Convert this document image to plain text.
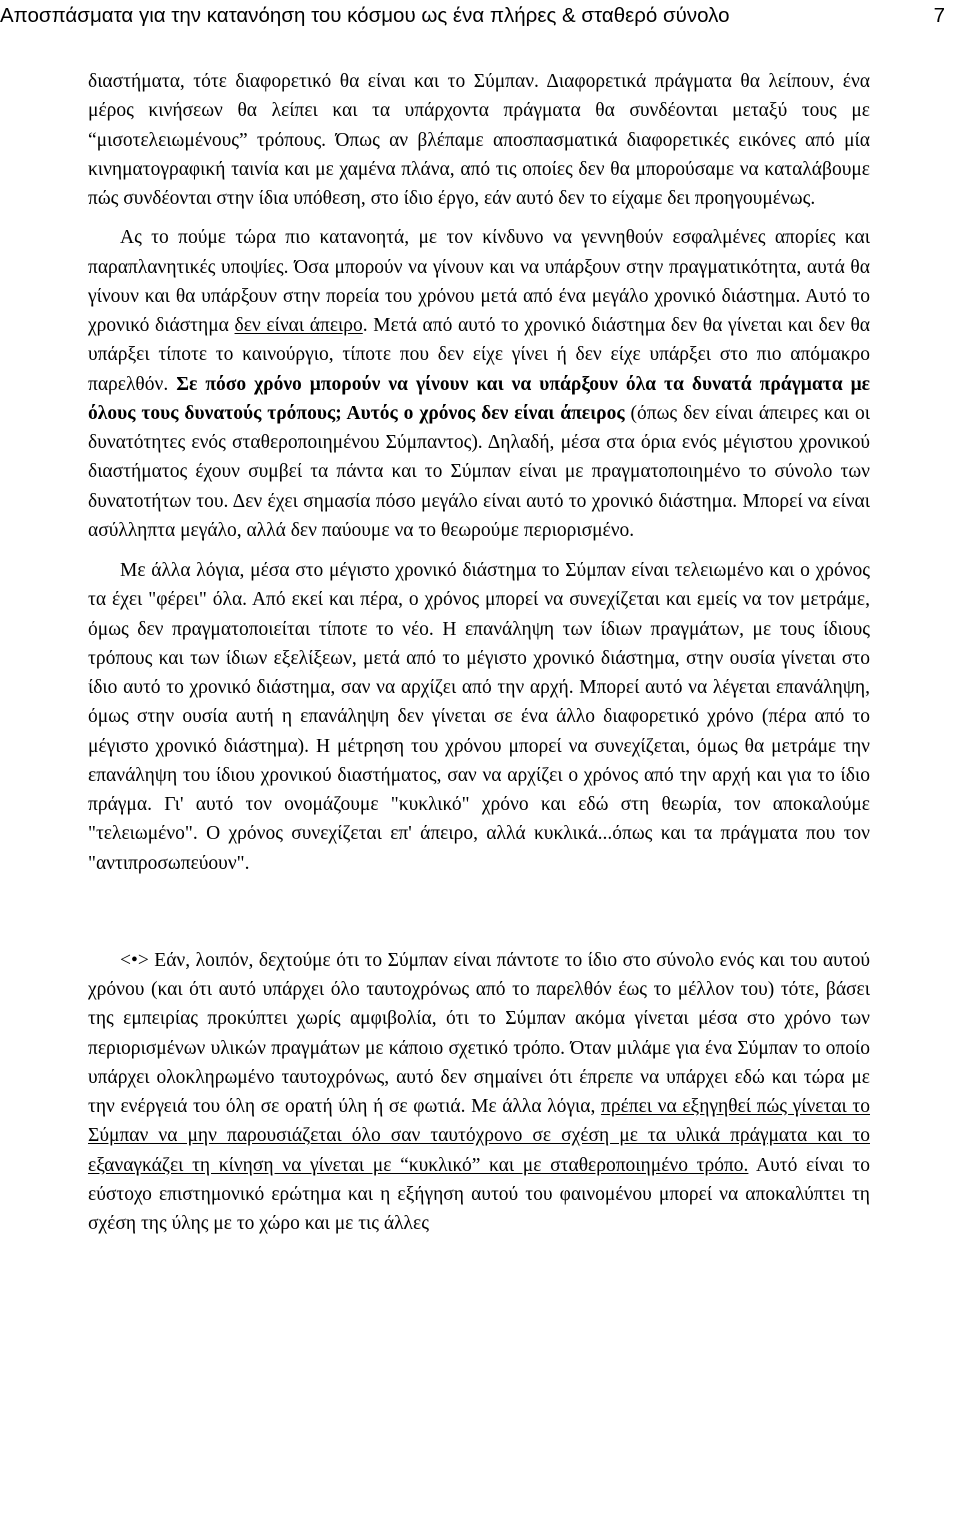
Αποσπάσματα για την κατανόηση του κόσμου ως ένα πλήρες & σταθερό σύνολο	7

διαστήματα, τότε διαφορετικό θα είναι και το Σύμπαν. Διαφορετικά πράγματα θα λείπουν, ένα μέρος κινήσεων θα λείπει και τα υπάρχοντα πράγματα θα συνδέονται μεταξύ τους με “μισοτελειωμένους” τρόπους. Όπως αν βλέπαμε αποσπασματικά διαφορετικές εικόνες από μία κινηματογραφική ταινία και με χαμένα πλάνα, από τις οποίες δεν θα μπορούσαμε να καταλάβουμε πώς συνδέονται στην ίδια υπόθεση, στο ίδιο έργο, εάν αυτό δεν το είχαμε δει προηγουμένως.

Ας το πούμε τώρα πιο κατανοητά, με τον κίνδυνο να γεννηθούν εσφαλμένες απορίες και παραπλανητικές υποψίες. Όσα μπορούν να γίνουν και να υπάρξουν στην πραγματικότητα, αυτά θα γίνουν και θα υπάρξουν στην πορεία του χρόνου μετά από ένα μεγάλο χρονικό διάστημα. Αυτό το χρονικό διάστημα δεν είναι άπειρο. Μετά από αυτό το χρονικό διάστημα δεν θα γίνεται και δεν θα υπάρξει τίποτε το καινούργιο, τίποτε που δεν είχε γίνει ή δεν είχε υπάρξει στο πιο απόμακρο παρελθόν. Σε πόσο χρόνο μπορούν να γίνουν και να υπάρξουν όλα τα δυνατά πράγματα με όλους τους δυνατούς τρόπους; Αυτός ο χρόνος δεν είναι άπειρος (όπως δεν είναι άπειρες και οι δυνατότητες ενός σταθεροποιημένου Σύμπαντος). Δηλαδή, μέσα στα όρια ενός μέγιστου χρονικού διαστήματος έχουν συμβεί τα πάντα και το Σύμπαν είναι με πραγματοποιημένο το σύνολο των δυνατοτήτων του. Δεν έχει σημασία πόσο μεγάλο είναι αυτό το χρονικό διάστημα. Μπορεί να είναι ασύλληπτα μεγάλο, αλλά δεν παύουμε να το θεωρούμε περιορισμένο.

Με άλλα λόγια, μέσα στο μέγιστο χρονικό διάστημα το Σύμπαν είναι τελειωμένο και ο χρόνος τα έχει "φέρει" όλα. Από εκεί και πέρα, ο χρόνος μπορεί να συνεχίζεται και εμείς να τον μετράμε, όμως δεν πραγματοποιείται τίποτε το νέο. Η επανάληψη των ίδιων πραγμάτων, με τους ίδιους τρόπους και των ίδιων εξελίξεων, μετά από το μέγιστο χρονικό διάστημα, στην ουσία γίνεται στο ίδιο αυτό το χρονικό διάστημα, σαν να αρχίζει από την αρχή. Μπορεί αυτό να λέγεται επανάληψη, όμως στην ουσία αυτή η επανάληψη δεν γίνεται σε ένα άλλο διαφορετικό χρόνο (πέρα από το μέγιστο χρονικό διάστημα). Η μέτρηση του χρόνου μπορεί να συνεχίζεται, όμως θα μετράμε την επανάληψη του ίδιου χρονικού διαστήματος, σαν να αρχίζει ο χρόνος από την αρχή και για το ίδιο πράγμα. Γι' αυτό τον ονομάζουμε "κυκλικό" χρόνο και εδώ στη θεωρία, τον αποκαλούμε "τελειωμένο". Ο χρόνος συνεχίζεται επ' άπειρο, αλλά κυκλικά...όπως και τα πράγματα που τον "αντιπροσωπεύουν".

<•> Εάν, λοιπόν, δεχτούμε ότι το Σύμπαν είναι πάντοτε το ίδιο στο σύνολο ενός και του αυτού χρόνου (και ότι αυτό υπάρχει όλο ταυτοχρόνως από το παρελθόν έως το μέλλον του) τότε, βάσει της εμπειρίας προκύπτει χωρίς αμφιβολία, ότι το Σύμπαν ακόμα γίνεται μέσα στο χρόνο των περιορισμένων υλικών πραγμάτων με κάποιο σχετικό τρόπο. Όταν μιλάμε για ένα Σύμπαν το οποίο υπάρχει ολοκληρωμένο ταυτοχρόνως, αυτό δεν σημαίνει ότι έπρεπε να υπάρχει εδώ και τώρα με την ενέργειά του όλη σε ορατή ύλη ή σε φωτιά. Με άλλα λόγια, πρέπει να εξηγηθεί πώς γίνεται το Σύμπαν να μην παρουσιάζεται όλο σαν ταυτόχρονο σε σχέση με τα υλικά πράγματα και το εξαναγκάζει τη κίνηση να γίνεται με “κυκλικό” και με σταθεροποιημένο τρόπο. Αυτό είναι το εύστοχο επιστημονικό ερώτημα και η εξήγηση αυτού του φαινομένου μπορεί να αποκαλύπτει τη σχέση της ύλης με το χώρο και με τις άλλες
